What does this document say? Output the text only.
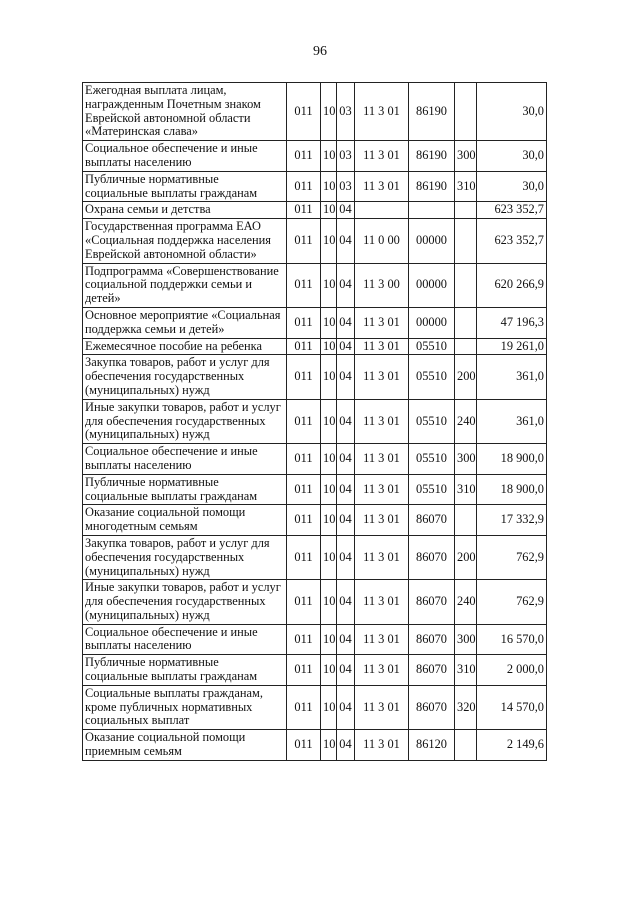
96
Ежегодная выплата лицам, награжденным Почетным знаком Еврейской автономной области «Материнская слава»	011	10	03	11 3 01	86190		30,0
Социальное обеспечение и иные выплаты населению	011	10	03	11 3 01	86190	300	30,0
Публичные нормативные социальные выплаты гражданам	011	10	03	11 3 01	86190	310	30,0
Охрана семьи и детства	011	10	04				623 352,7
Государственная программа ЕАО «Социальная поддержка населения Еврейской автономной области»	011	10	04	11 0 00	00000		623 352,7
Подпрограмма «Совершенствование социальной поддержки семьи и детей»	011	10	04	11 3 00	00000		620 266,9
Основное мероприятие «Социальная поддержка семьи и детей»	011	10	04	11 3 01	00000		47 196,3
Ежемесячное пособие на ребенка	011	10	04	11 3 01	05510		19 261,0
Закупка товаров, работ и услуг для обеспечения государственных (муниципальных) нужд	011	10	04	11 3 01	05510	200	361,0
Иные закупки товаров, работ и услуг для обеспечения государственных (муниципальных) нужд	011	10	04	11 3 01	05510	240	361,0
Социальное обеспечение и иные выплаты населению	011	10	04	11 3 01	05510	300	18 900,0
Публичные нормативные социальные выплаты гражданам	011	10	04	11 3 01	05510	310	18 900,0
Оказание социальной помощи многодетным семьям	011	10	04	11 3 01	86070		17 332,9
Закупка товаров, работ и услуг для обеспечения государственных (муниципальных) нужд	011	10	04	11 3 01	86070	200	762,9
Иные закупки товаров, работ и услуг для обеспечения государственных (муниципальных) нужд	011	10	04	11 3 01	86070	240	762,9
Социальное обеспечение и иные выплаты населению	011	10	04	11 3 01	86070	300	16 570,0
Публичные нормативные социальные выплаты гражданам	011	10	04	11 3 01	86070	310	2 000,0
Социальные выплаты гражданам, кроме публичных нормативных социальных выплат	011	10	04	11 3 01	86070	320	14 570,0
Оказание социальной помощи приемным семьям	011	10	04	11 3 01	86120		2 149,6
